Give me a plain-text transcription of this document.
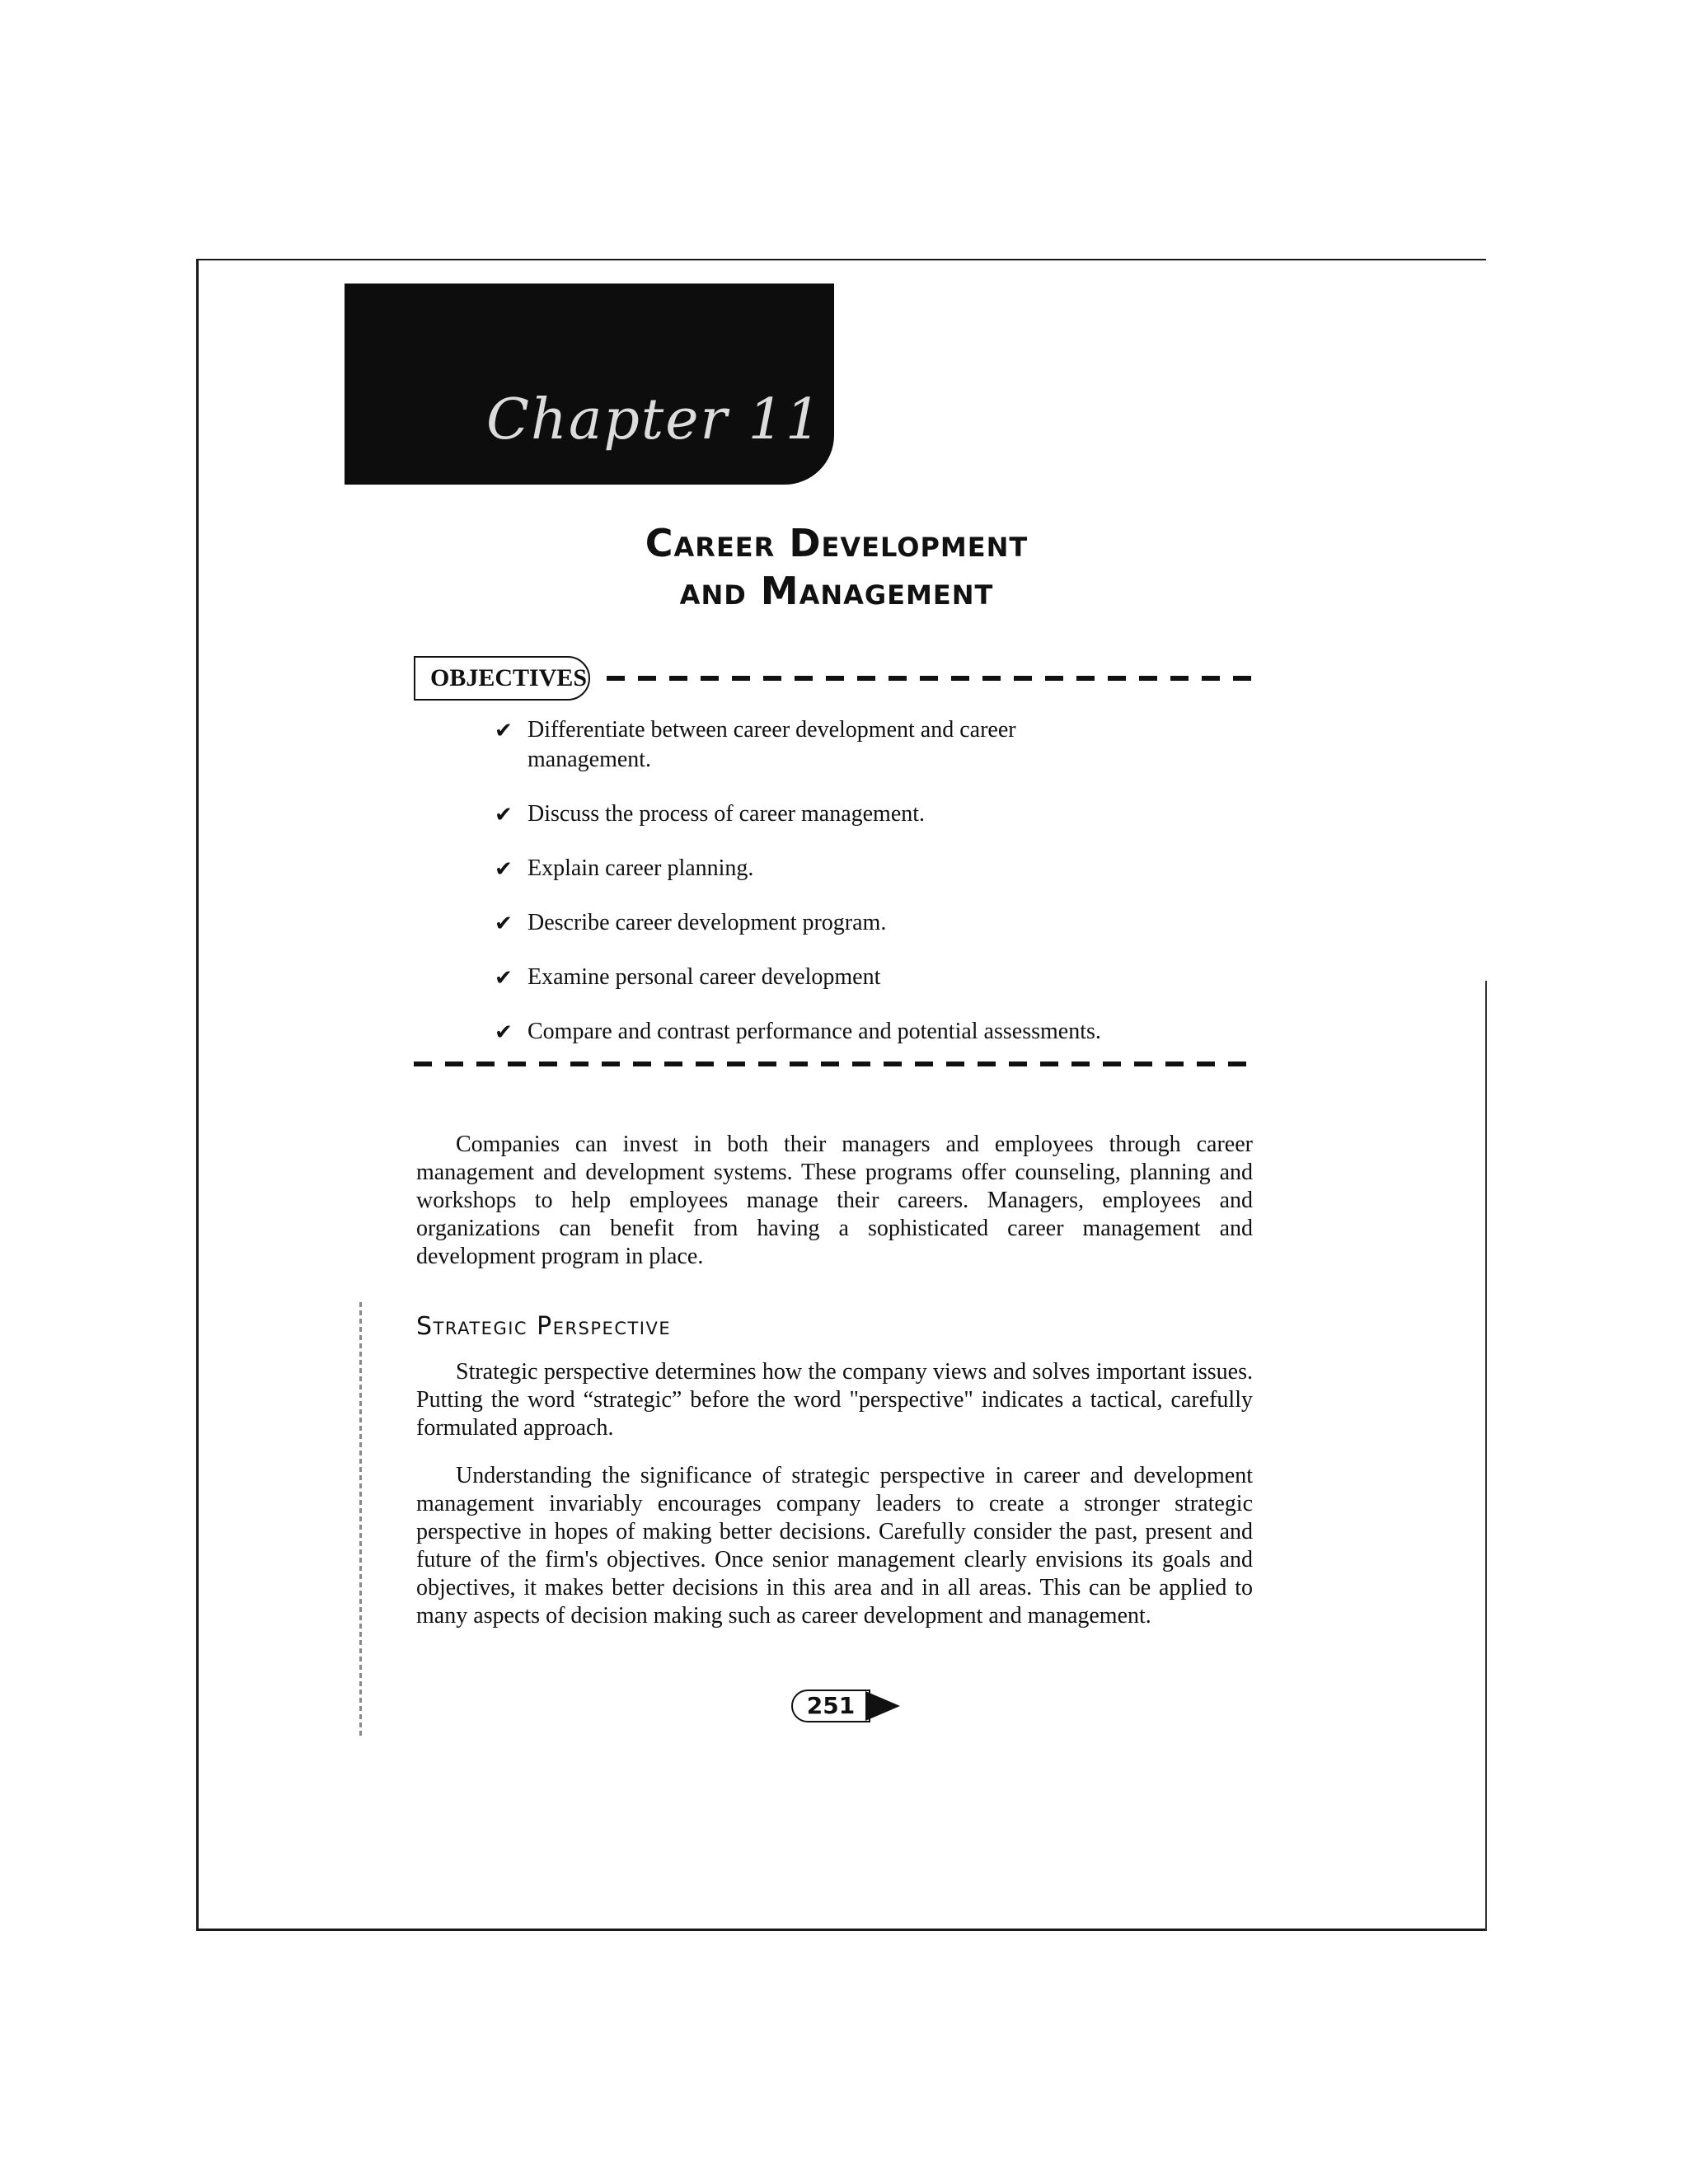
Chapter 11
Career Development
and Management
OBJECTIVES
✔ Differentiate between career development and career management.
✔ Discuss the process of career management.
✔ Explain career planning.
✔ Describe career development program.
✔ Examine personal career development
✔ Compare and contrast performance and potential assessments.

Companies can invest in both their managers and employees through career management and development systems. These programs offer counseling, planning and workshops to help employees manage their careers. Managers, employees and organizations can benefit from having a sophisticated career management and development program in place.

Strategic Perspective

Strategic perspective determines how the company views and solves important issues. Putting the word “strategic” before the word "perspective" indicates a tactical, carefully formulated approach.

Understanding the significance of strategic perspective in career and development management invariably encourages company leaders to create a stronger strategic perspective in hopes of making better decisions. Carefully consider the past, present and future of the firm's objectives. Once senior management clearly envisions its goals and objectives, it makes better decisions in this area and in all areas. This can be applied to many aspects of decision making such as career development and management.

251
